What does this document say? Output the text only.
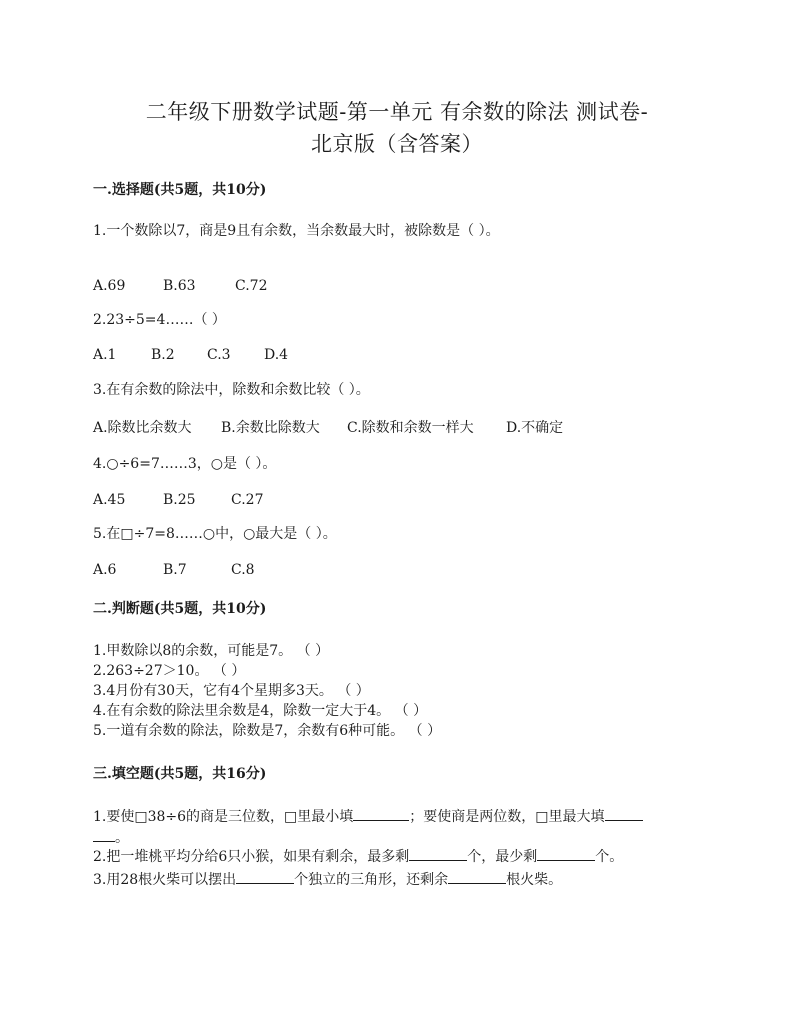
二年级下册数学试题-第一单元 有余数的除法 测试卷-
北京版（含答案）
一.选择题(共5题，共10分)
1.一个数除以7，商是9且有余数，当余数最大时，被除数是（ ）。
A.69	B.63	C.72
2.23÷5=4……（ ）
A.1 B.2 C.3 D.4
3.在有余数的除法中，除数和余数比较（ ）。
A.除数比余数大 B.余数比除数大 C.除数和余数一样大 D.不确定
4.○÷6=7……3，○是（ ）。
A.45	B.25	C.27
5.在□÷7=8……○中，○最大是（ ）。
A.6	B.7	C.8
二.判断题(共5题，共10分)
1.甲数除以8的余数，可能是7。 （ ）
2.263÷27＞10。 （ ）
3.4月份有30天，它有4个星期多3天。 （ ）
4.在有余数的除法里余数是4，除数一定大于4。 （ ）
5.一道有余数的除法，除数是7，余数有6种可能。 （ ）
三.填空题(共5题，共16分)
1.要使□38÷6的商是三位数，□里最小填	；要使商是两位数，□里最大填
。
2.把一堆桃平均分给6只小猴，如果有剩余，最多剩	个，最少剩	个。
3.用28根火柴可以摆出	个独立的三角形，还剩余	根火柴。
